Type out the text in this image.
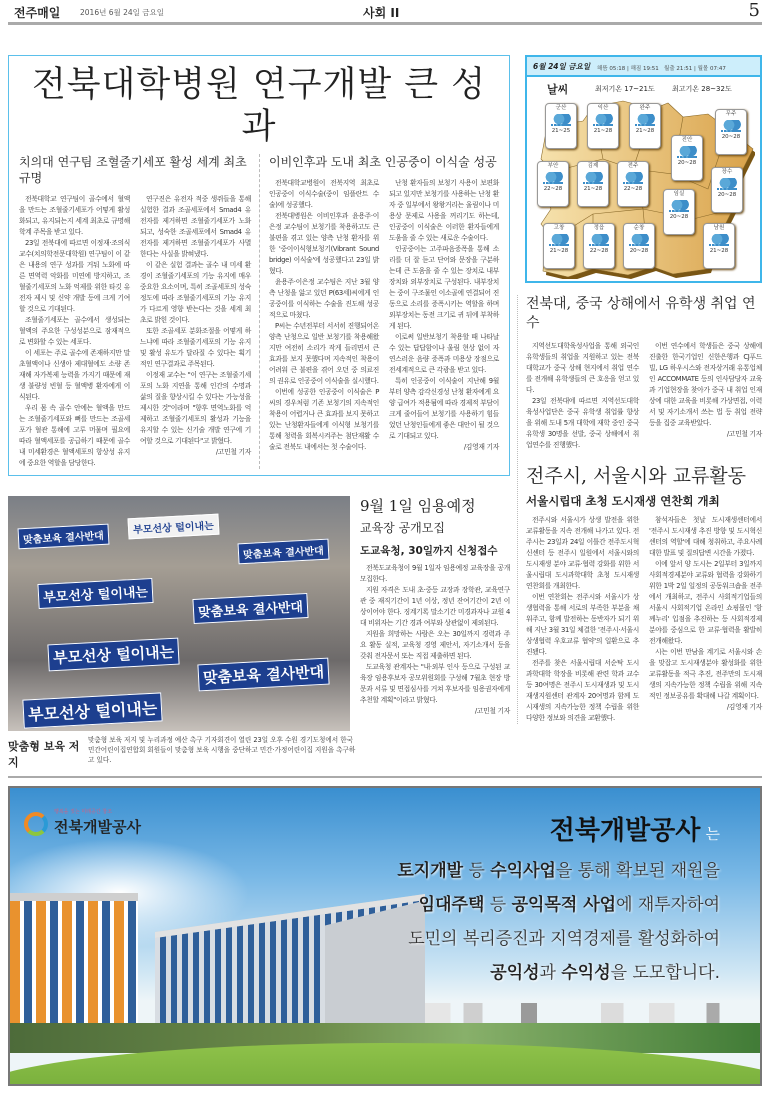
전주매일	2016년 6월 24일 금요일	사회 II	5
전북대학병원 연구개발 큰 성과
치의대 연구팀 조혈줄기세포 활성 세계 최초 규명

전북대학교 연구팀이 골수에서 혈액을 만드는 조혈줄기세포가 어떻게 활성화되고, 유지되는지 세계 최초로 규명해 학계 주목을 받고 있다.

23일 전북대에 따르면 이정재·조의식 교수(치의학전문대학원) 연구팀이 이 같은 내용의 연구 성과를 거둬 노화에 따른 면역력 악화를 미연에 방지하고, 조혈줄기세포의 노화 억제를 위한 타깃 유전자 제시 및 신약 개발 등에 크게 기여할 것으로 기대된다.

조혈줄기세포는 골수에서 생성되는 혈액의 주요한 구성성분으로 잠재적으로 변화할 수 있는 세포다.

이 세포는 주로 골수에 존재하지만 말초혈액이나 신생아 제대혈에도 소량 존재해 자가복제 능력을 가지기 때문에 재생 불량성 빈혈 등 혈액병 환자에게 이식된다.

우리 몸 속 골수 안에는 혈액을 만드는 조혈줄기세포와 뼈를 만드는 조골세포가 혈관 통해에 고루 머물며 필요에 따라 혈액세포를 공급하기 때문에 골수 내 미세환경은 혈액세포의 항상성 유지에 중요한 역할을 담당한다.

연구진은 유전자 적중 생쥐들을 통해 실험한 결과 조골세포에서 Smad4 유전자를 제거하면 조혈줄기세포가 노화되고, 성숙한 조골세포에서 Smad4 유전자를 제거하면 조혈줄기세포가 사멸한다는 사실을 밝혀냈다.

이 같은 실험 결과는 골수 내 미세 환경이 조혈줄기세포의 기능 유지에 매우 중요한 요소이며, 특히 조골세포의 성숙 정도에 따라 조혈줄기세포의 기능 유지가 다르게 영향 받는다는 것을 세계 최초로 밝힌 것이다.

또한 조골세포 분화조절을 어떻게 하느냐에 따라 조혈줄기세포의 기능 유지 및 활성 유도가 달라질 수 있다는 획기적인 연구결과로 주목된다.

이정재 교수는 "이 연구는 조혈줄기세포의 노화 지연을 통해 인간의 수명과 삶의 질을 향상시킬 수 있다는 가능성을 제시한 것"이라며 "향후 면역노화를 억제하고 조혈줄기세포의 활성과 기능을 유지할 수 있는 신기술 개발 연구에 기여할 것으로 기대된다"고 밝혔다.

/고민철 기자
이비인후과 도내 최초 인공중이 이식술 성공

전북대학교병원이 전북지역 최초로 인공중이 이식수술(중이 임플란트 수술)에 성공했다.

전북대병원은 이비인후과 윤용주·이은정 교수팀이 보청기를 착용하고도 큰 불편을 겪고 있는 양측 난청 환자를 위한 '중이이식형보청기(Vibrant Sound bridge) 이식술'에 성공했다고 23일 밝혔다.

윤용주·이은정 교수팀은 지난 3월 양측 난청을 앓고 있던 P(63세)씨에게 인공중이를 이식하는 수술을 진도해 성공적으로 마쳤다.

P씨는 수년전부터 서서히 진행되어온 양측 난청으로 일반 보청기를 착용해왔지만 여전히 소리가 작게 들리면서 큰 효과를 보지 못했다며 지속적인 착용이 어려워 큰 불편을 겪어 오던 중 의료진의 권유로 인공중이 이식술을 실시했다.

이번에 성공한 인공중이 이식술은 P씨의 경우처럼 기존 보청기의 지속적인 착용이 어렵거나 큰 효과를 보지 못하고 있는 난청환자들에게 이식형 보청기를 통해 청력을 회복시켜주는 첨단재활 수술로 전북도 내에서는 첫 수술이다.

난청 환자들의 보청기 사용이 보편화되고 있지만 보청기를 사용하는 난청 환자 중 일부에서 왕왕거리는 울림이나 미용상 문제로 사용을 꺼리기도 하는데, 인공중이 이식술은 이러한 환자들에게 도움을 줄 수 있는 새로운 수술이다.

인공중이는 고주파음증폭을 통해 소리를 더 잘 듣고 단어와 문장을 구분하는데 큰 도움을 줄 수 있는 장치로 내부장치와 외부장치로 구성된다. 내부장치는 중이 구조물인 이소골에 연결되어 진동으로 소리를 증폭시키는 역할을 하며 외부장치는 동전 크기로 귀 뒤에 부착하게 된다.

이로써 일반보청기 착용할 때 나타날 수 있는 답답함이나 울림 현상 없이 자연스러운 음량 증폭과 미용상 장점으로 전세계적으로 큰 각광을 받고 있다.

특히 인공중이 이식술이 지난해 9월부터 양측 감각신경성 난청 환자에게 요양 급여가 적용됨에 따라 경제적 부담이 크게 줄어들어 보청기를 사용하기 힘들었던 난청인들에게 좋은 대안이 될 것으로 기대되고 있다.

/김영재 기자
맞춤보육 결사반대
부모선상 털이내는
맞춤보육 결사반대
부모선상 털이내는
맞춤보육 결사반대
부모선상 털이내는
맞춤보육 결사반대
부모선상 털이내는
9월 1일 임용예정
교육장 공개모집
도교육청, 30일까지 신청접수

전북도교육청이 9월 1일자 임용예정 교육장을 공개모집한다.

지원 자격은 도내 초·중등 교장과 장학관, 교육연구관 중 재직기간이 1년 이상, 정년 잔여기간이 2년 이상이어야 한다. 징계기록 말소기간 미경과자나 교원 4대 비위자는 기간 경과 여부와 상관없이 제외된다.

지원을 희망하는 사람은 오는 30일까지 경력과 주요 활동 실적, 교육청 경영 제안서, 자기소개서 등을 갖춰 전자문서 또는 직접 제출하면 된다.

도교육청 관계자는 "내·외부 인사 등으로 구성된 교육장 임용후보자 공모위원회를 구성해 7월초 현장 방문과 서류 및 면접심사를 거쳐 후보자를 임용권자에게 추천할 계획"이라고 밝혔다.

/고민철 기자
맞춤형 보육 저지
맞춤형 보육 저지 및 누리과정 예산 촉구 기자회견이 열린 23일 오후 수원 경기도청에서 한국민간어린이집연합회 회원들이 맞춤형 보육 시행을 중단하고 민간·가정어린이집 지원을 촉구하고 있다.
6월 24일 금요일 해뜸 05:18 | 해짐 19:51   월출 21:51 | 월몰 07:47
날씨	최저기온 17~21도 최고기온 28~32도
군산
21~25
익산
21~28
완주
21~28
무주
20~28
김제
21~28
전주
22~28
진안
20~28
부안
22~28
장수
20~28
정읍
22~28
임실
20~28
고창
21~28
순창
20~28
남원
21~28
전북대, 중국 상해에서 유학생 취업 연수

지역선도대학육성사업을 통해 외국인 유학생들의 취업을 지원하고 있는 전북대학교가 중국 상해 현지에서 취업 연수를 전개해 유학생들의 큰 호응을 얻고 있다.

23일 전북대에 따르면 지역선도대학육성사업단은 중국 유학생 취업률 향상을 위해 도내 5개 대학에 재학 중인 중국 유학생 30명을 선발, 중국 상해에서 취업연수를 진행했다.

이번 연수에서 학생들은 중국 상해에 진출한 한국기업인 신한은행과 CJ푸드빌, LG 하우시스와 전자상거래 유통업체인 ACCOMMATE 등의 인사담당자 교육과 기업현장을 찾아가 중국 내 취업 인재상에 대한 교육을 비롯해 가상면접, 이력서 및 자기소개서 쓰는 법 등 취업 전략 등을 집중 교육받았다.

/고민철 기자
전주시, 서울시와 교류활동
서울시립대 초청 도시재생 연찬회 개최

전주시와 서울시가 상생 발전을 위한 교류활동을 지속 전개해 나가고 있다. 전주시는 23일과 24일 이틀간 전주도시혁신센터 등 전주시 일원에서 서울시와의 도시재생 분야 교류·협력 강화를 위한 서울시립대 도시과학대학 초청 도시재생 연찬회를 개최한다.

이번 연찬회는 전주시와 서울시가 상생협력을 통해 서로의 부족한 부분을 채워주고, 함께 발전하는 동반자가 되기 위해 지난 3월 31일 체결한 '전주시·서울시 상생협력 우호교류 협약'의 일환으로 추진됐다.

전주를 찾은 서울시립대 서순탁 도시과학대학 학장을 비롯해 관련 학과 교수 등 30여명은 전주시 도시재생과 및 도시재생지원센터 관계자 20여명과 함께 도시재생의 지속가능한 정책 수립을 위한 다양한 정보와 의견을 교환했다.

참석자들은 첫날 도시재생센터에서 '전주시 도시재생 추진 방향 및 도시혁신센터의 역할'에 대해 청취하고, 주요사례 대한 발표 및 질의답변 시간을 가졌다.

이에 앞서 양 도시는 2일부터 3일까지 사회적경제분야 교류와 협력을 강화하기 위한 1박 2일 일정의 공동워크숍을 전주에서 개최하고, 전주시 사회적기업들의 서울시 사회적기업 온라인 쇼핑몰인 '함께누리' 입점을 추진하는 등 사회적경제분야를 중심으로 한 교류·협력을 활발히 전개해왔다.

시는 이번 만남을 계기로 서울시와 손을 맞잡고 도시재생분야 활성화를 위한 교류활동을 적극 추진, 전주만의 도시재생의 지속가능한 정책 수립을 위해 지속적인 정보공유를 확대해 나갈 계획이다.

/김영재 기자
행복을 짓는 미래공간 창조
전북개발공사	전북개발공사 는
토지개발 등 수익사업을 통해 확보된 재원을
임대주택 등 공익목적 사업에 재투자하여
도민의 복리증진과 지역경제를 활성화하여
공익성과 수익성을 도모합니다.
